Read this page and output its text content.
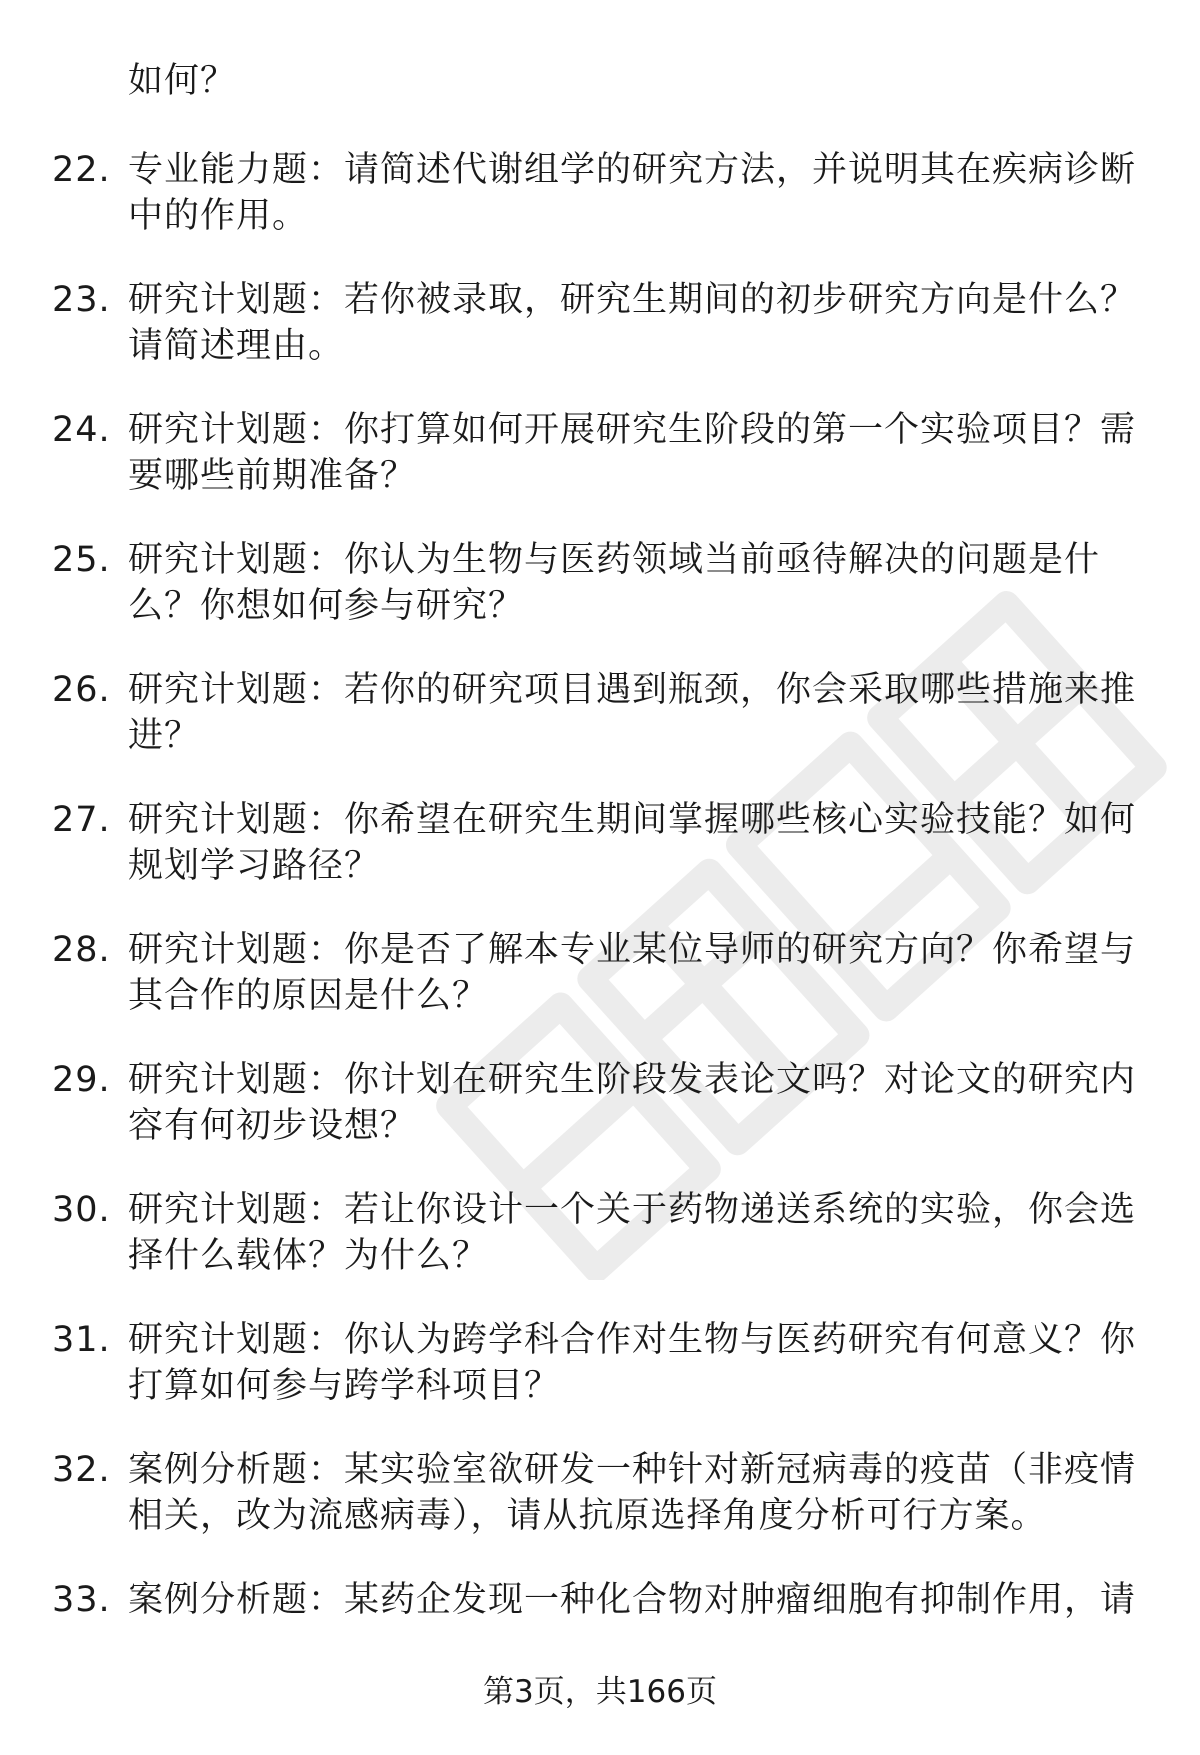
如何？
22. 专业能力题：请简述代谢组学的研究方法，并说明其在疾病诊断中的作用。
23. 研究计划题：若你被录取，研究生期间的初步研究方向是什么？请简述理由。
24. 研究计划题：你打算如何开展研究生阶段的第一个实验项目？需要哪些前期准备？
25. 研究计划题：你认为生物与医药领域当前亟待解决的问题是什么？你想如何参与研究？
26. 研究计划题：若你的研究项目遇到瓶颈，你会采取哪些措施来推进？
27. 研究计划题：你希望在研究生期间掌握哪些核心实验技能？如何规划学习路径？
28. 研究计划题：你是否了解本专业某位导师的研究方向？你希望与其合作的原因是什么？
29. 研究计划题：你计划在研究生阶段发表论文吗？对论文的研究内容有何初步设想？
30. 研究计划题：若让你设计一个关于药物递送系统的实验，你会选择什么载体？为什么？
31. 研究计划题：你认为跨学科合作对生物与医药研究有何意义？你打算如何参与跨学科项目？
32. 案例分析题：某实验室欲研发一种针对新冠病毒的疫苗（非疫情相关，改为流感病毒），请从抗原选择角度分析可行方案。
33. 案例分析题：某药企发现一种化合物对肿瘤细胞有抑制作用，请
第3页，共166页
